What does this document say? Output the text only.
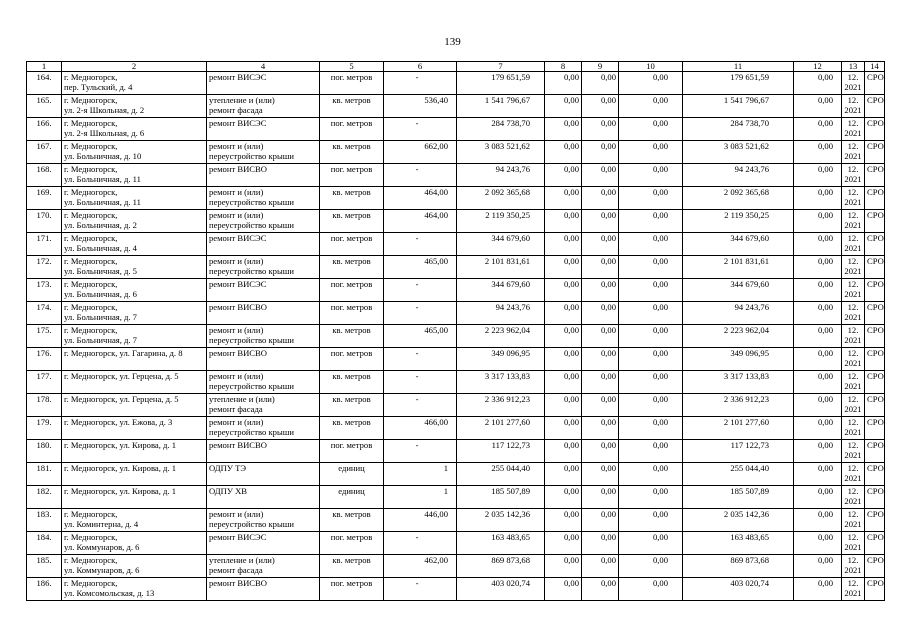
139
1	2	4	5	6	7	8	9	10	11	12	13	14
164.	г. Медногорск,
пер. Тульский, д. 4	ремонт ВИСЭС	пог. метров	-	179 651,59	0,00	0,00	0,00	179 651,59	0,00	12.
2021	СРО
165.	г. Медногорск,
ул. 2-я Школьная, д. 2	утепление и (или)
ремонт фасада	кв. метров	536,40	1 541 796,67	0,00	0,00	0,00	1 541 796,67	0,00	12.
2021	СРО
166.	г. Медногорск,
ул. 2-я Школьная, д. 6	ремонт ВИСЭС	пог. метров	-	284 738,70	0,00	0,00	0,00	284 738,70	0,00	12.
2021	СРО
167.	г. Медногорск,
ул. Больничная, д. 10	ремонт и (или)
переустройство крыши	кв. метров	662,00	3 083 521,62	0,00	0,00	0,00	3 083 521,62	0,00	12.
2021	СРО
168.	г. Медногорск,
ул. Больничная, д. 11	ремонт ВИСВО	пог. метров	-	94 243,76	0,00	0,00	0,00	94 243,76	0,00	12.
2021	СРО
169.	г. Медногорск,
ул. Больничная, д. 11	ремонт и (или)
переустройство крыши	кв. метров	464,00	2 092 365,68	0,00	0,00	0,00	2 092 365,68	0,00	12.
2021	СРО
170.	г. Медногорск,
ул. Больничная, д. 2	ремонт и (или)
переустройство крыши	кв. метров	464,00	2 119 350,25	0,00	0,00	0,00	2 119 350,25	0,00	12.
2021	СРО
171.	г. Медногорск,
ул. Больничная, д. 4	ремонт ВИСЭС	пог. метров	-	344 679,60	0,00	0,00	0,00	344 679,60	0,00	12.
2021	СРО
172.	г. Медногорск,
ул. Больничная, д. 5	ремонт и (или)
переустройство крыши	кв. метров	465,00	2 101 831,61	0,00	0,00	0,00	2 101 831,61	0,00	12.
2021	СРО
173.	г. Медногорск,
ул. Больничная, д. 6	ремонт ВИСЭС	пог. метров	-	344 679,60	0,00	0,00	0,00	344 679,60	0,00	12.
2021	СРО
174.	г. Медногорск,
ул. Больничная, д. 7	ремонт ВИСВО	пог. метров	-	94 243,76	0,00	0,00	0,00	94 243,76	0,00	12.
2021	СРО
175.	г. Медногорск,
ул. Больничная, д. 7	ремонт и (или)
переустройство крыши	кв. метров	465,00	2 223 962,04	0,00	0,00	0,00	2 223 962,04	0,00	12.
2021	СРО
176.	г. Медногорск, ул. Гагарина, д. 8	ремонт ВИСВО	пог. метров	-	349 096,95	0,00	0,00	0,00	349 096,95	0,00	12.
2021	СРО
177.	г. Медногорск, ул. Герцена, д. 5	ремонт и (или)
переустройство крыши	кв. метров	-	3 317 133,83	0,00	0,00	0,00	3 317 133,83	0,00	12.
2021	СРО
178.	г. Медногорск, ул. Герцена, д. 5	утепление и (или)
ремонт фасада	кв. метров	-	2 336 912,23	0,00	0,00	0,00	2 336 912,23	0,00	12.
2021	СРО
179.	г. Медногорск, ул. Ежова, д. 3	ремонт и (или)
переустройство крыши	кв. метров	466,00	2 101 277,60	0,00	0,00	0,00	2 101 277,60	0,00	12.
2021	СРО
180.	г. Медногорск, ул. Кирова, д. 1	ремонт ВИСВО	пог. метров	-	117 122,73	0,00	0,00	0,00	117 122,73	0,00	12.
2021	СРО
181.	г. Медногорск, ул. Кирова, д. 1	ОДПУ ТЭ	единиц	1	255 044,40	0,00	0,00	0,00	255 044,40	0,00	12.
2021	СРО
182.	г. Медногорск, ул. Кирова, д. 1	ОДПУ ХВ	единиц	1	185 507,89	0,00	0,00	0,00	185 507,89	0,00	12.
2021	СРО
183.	г. Медногорск,
ул. Коминтерна, д. 4	ремонт и (или)
переустройство крыши	кв. метров	446,00	2 035 142,36	0,00	0,00	0,00	2 035 142,36	0,00	12.
2021	СРО
184.	г. Медногорск,
ул. Коммунаров, д. 6	ремонт ВИСЭС	пог. метров	-	163 483,65	0,00	0,00	0,00	163 483,65	0,00	12.
2021	СРО
185.	г. Медногорск,
ул. Коммунаров, д. 6	утепление и (или)
ремонт фасада	кв. метров	462,00	869 873,68	0,00	0,00	0,00	869 873,68	0,00	12.
2021	СРО
186.	г. Медногорск,
ул. Комсомольская, д. 13	ремонт ВИСВО	пог. метров	-	403 020,74	0,00	0,00	0,00	403 020,74	0,00	12.
2021	СРО
